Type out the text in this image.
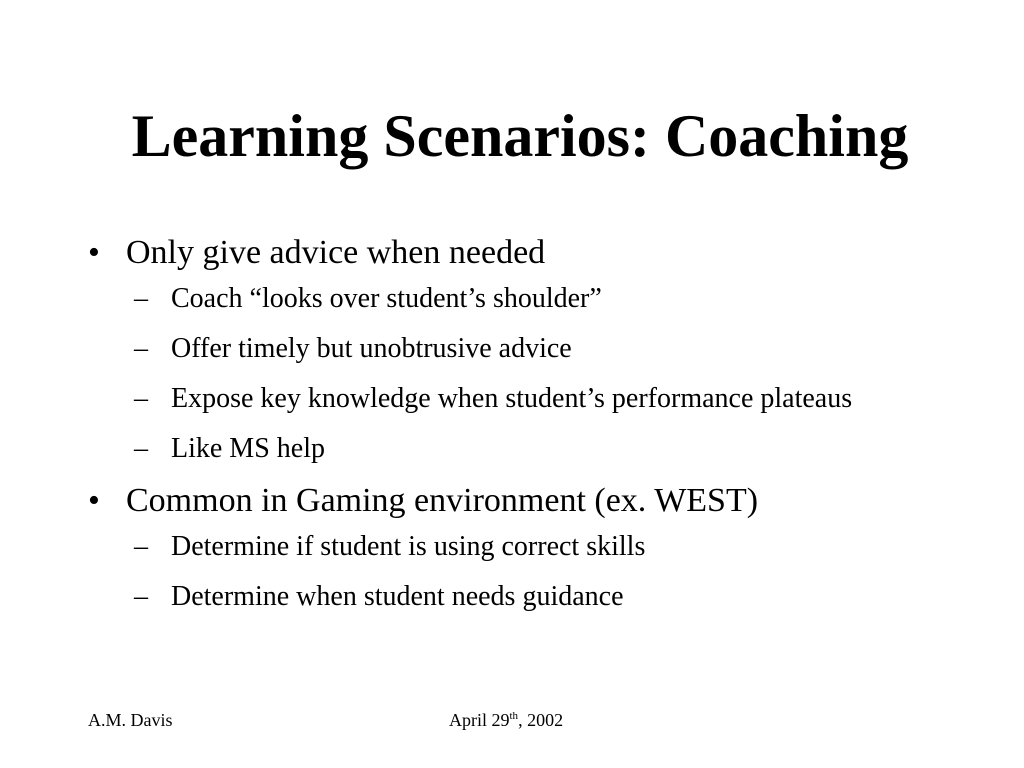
Learning Scenarios: Coaching
• Only give advice when needed
– Coach “looks over student’s shoulder”
– Offer timely but unobtrusive advice
– Expose key knowledge when student’s performance plateaus
– Like MS help
• Common in Gaming environment (ex. WEST)
– Determine if student is using correct skills
– Determine when student needs guidance
A.M. Davis	April 29th, 2002
